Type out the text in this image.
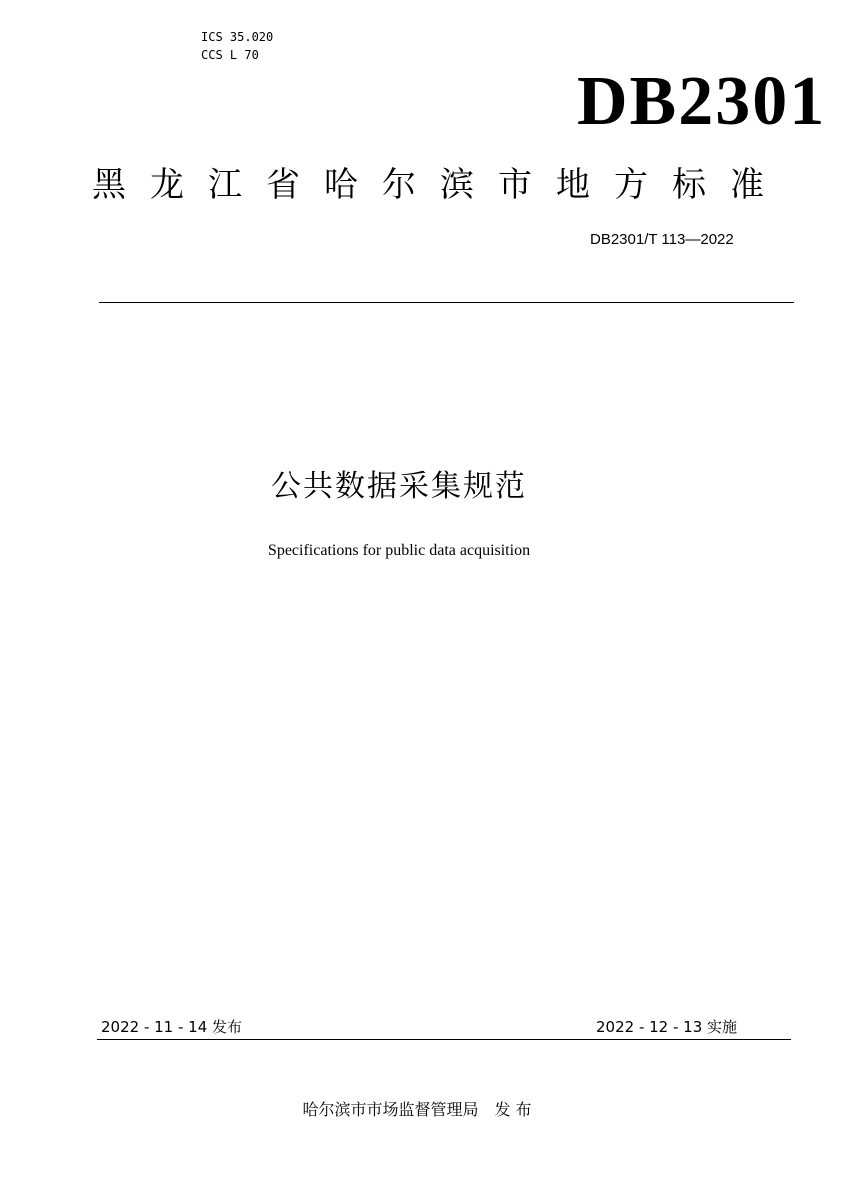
ICS 35.020
CCS L 70
DB2301
黑龙江省哈尔滨市地方标准
DB2301/T 113—2022
公共数据采集规范
Specifications for public data acquisition
2022 - 11 - 14 发布	2022 - 12 - 13 实施
哈尔滨市市场监督管理局　发 布
